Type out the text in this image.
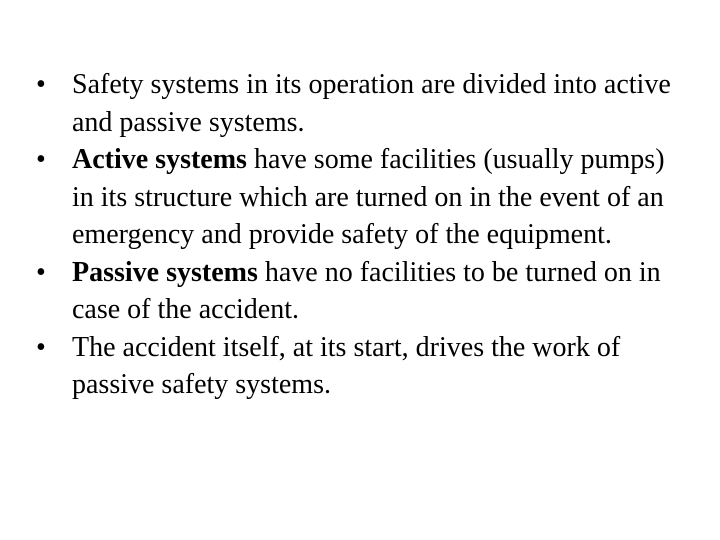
• Safety systems in its operation are divided into active and passive systems.
• Active systems have some facilities (usually pumps) in its structure which are turned on in the event of an emergency and provide safety of the equipment.
• Passive systems have no facilities to be turned on in case of the accident.
• The accident itself, at its start, drives the work of passive safety systems.
